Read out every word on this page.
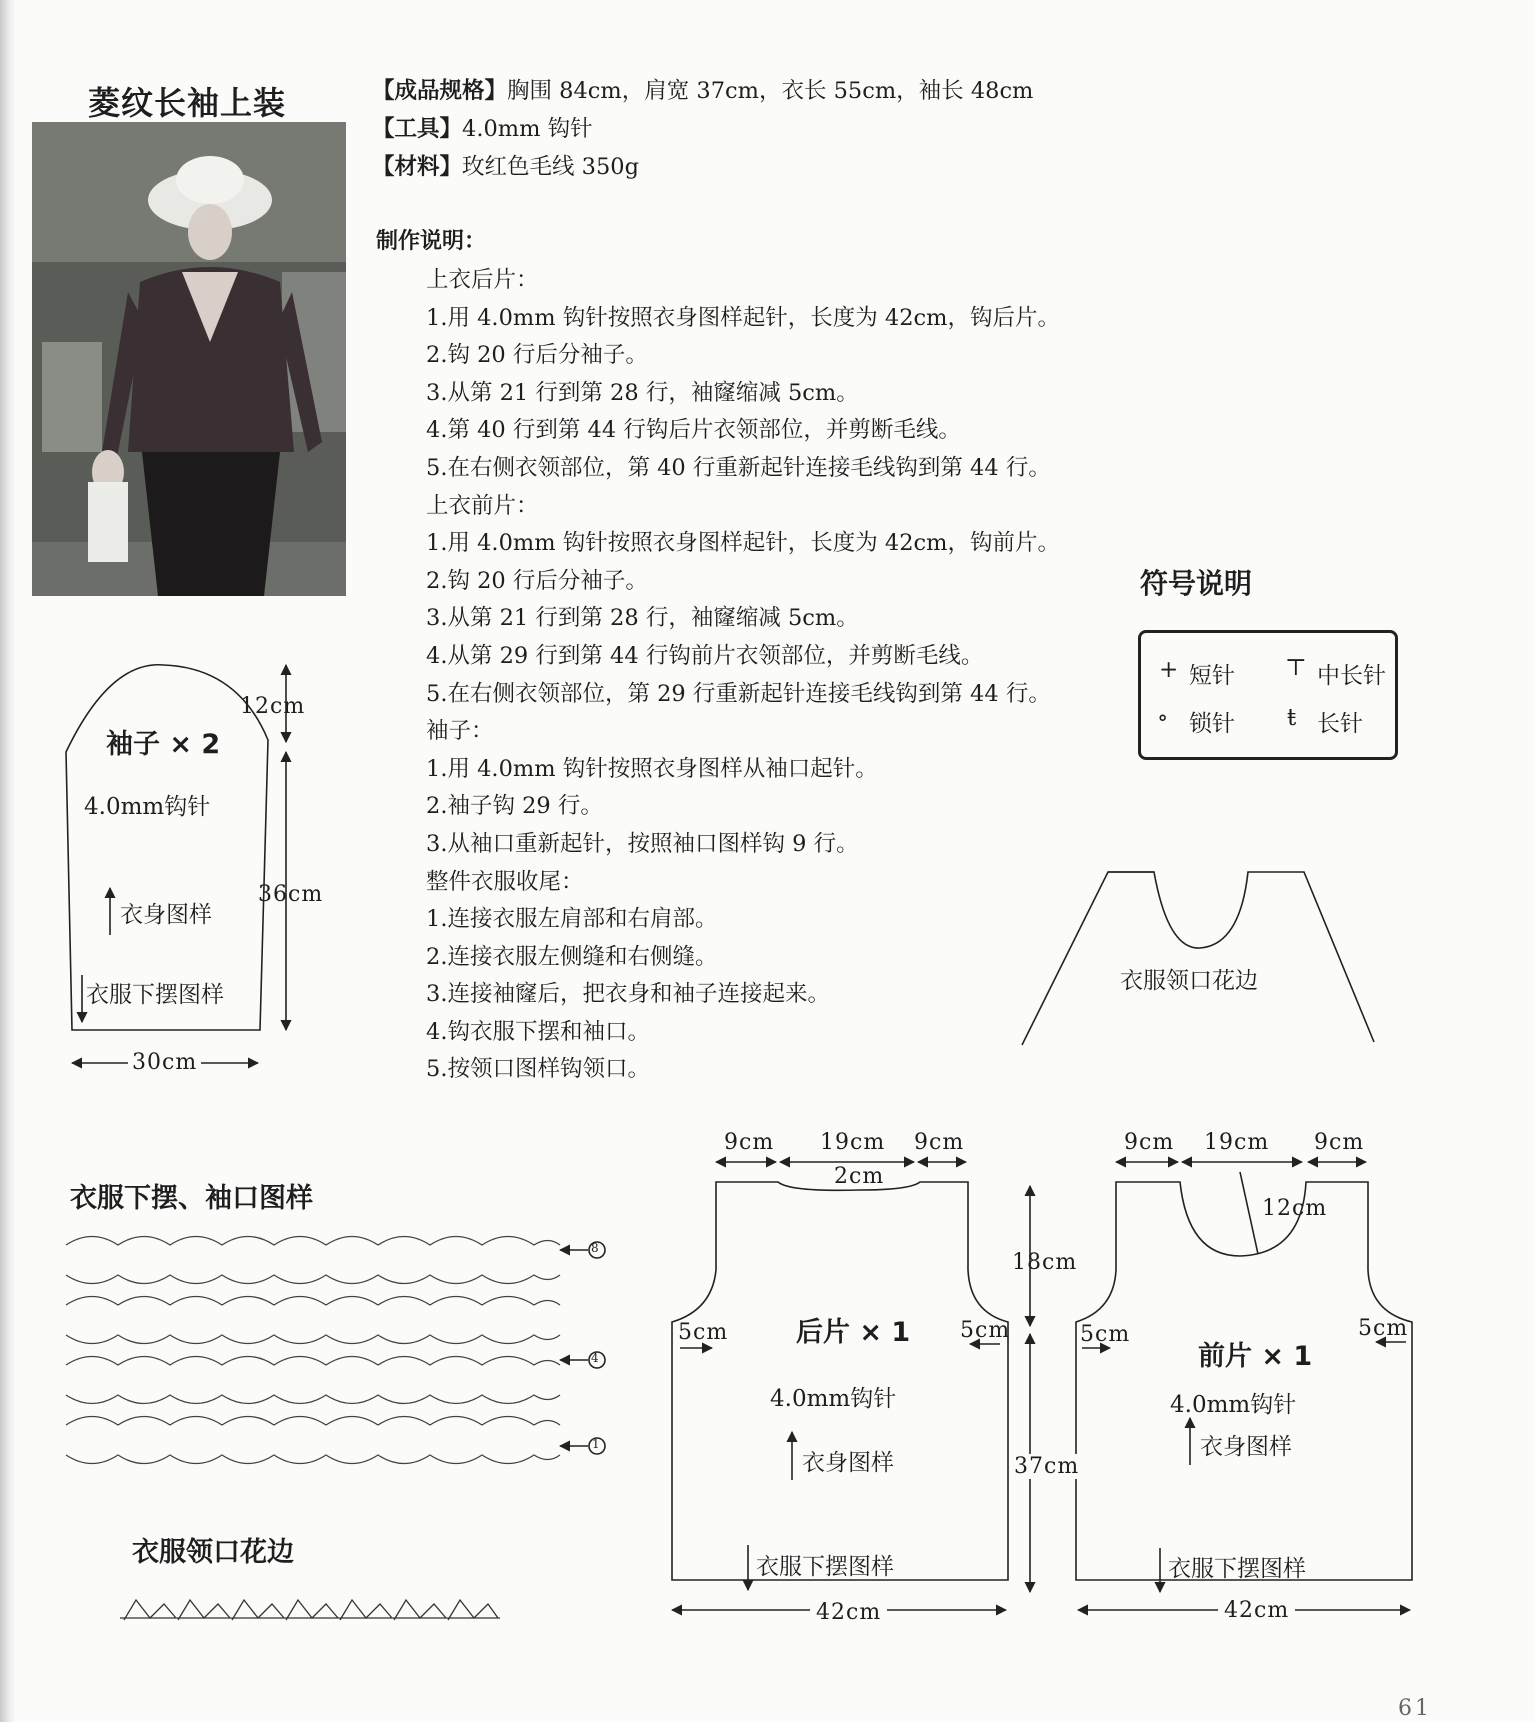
菱纹长袖上装	【成品规格】胸围 84cm，肩宽 37cm，衣长 55cm，袖长 48cm
【工具】4.0mm 钩针
【材料】玫红色毛线 350g
制作说明：
上衣后片：
1.用 4.0mm 钩针按照衣身图样起针，长度为 42cm，钩后片。
2.钩 20 行后分袖子。
3.从第 21 行到第 28 行，袖窿缩减 5cm。
4.第 40 行到第 44 行钩后片衣领部位，并剪断毛线。
5.在右侧衣领部位，第 40 行重新起针连接毛线钩到第 44 行。
上衣前片：
1.用 4.0mm 钩针按照衣身图样起针，长度为 42cm，钩前片。
2.钩 20 行后分袖子。
3.从第 21 行到第 28 行，袖窿缩减 5cm。
4.从第 29 行到第 44 行钩前片衣领部位，并剪断毛线。
5.在右侧衣领部位，第 29 行重新起针连接毛线钩到第 44 行。
袖子：
1.用 4.0mm 钩针按照衣身图样从袖口起针。
2.袖子钩 29 行。
3.从袖口重新起针，按照袖口图样钩 9 行。
整件衣服收尾：
1.连接衣服左肩部和右肩部。
2.连接衣服左侧缝和右侧缝。
3.连接袖窿后，把衣身和袖子连接起来。
4.钩衣服下摆和袖口。
5.按领口图样钩领口。
符号说明
+ 短针 ⊤ 中长针
∘ 锁针 ŧ 长针
袖子 × 2
4.0mm钩针
衣身图样
衣服下摆图样
12cm
36cm
30cm
衣服领口花边
衣服下摆、袖口图样
衣服领口花边
8
4
1
后片 × 1
4.0mm钩针
衣身图样
衣服下摆图样
9cm 19cm 9cm
2cm
18cm
37cm
5cm	5cm
42cm
前片 × 1
4.0mm钩针
衣身图样
衣服下摆图样
9cm 19cm 9cm
12cm
5cm	5cm
42cm
61
